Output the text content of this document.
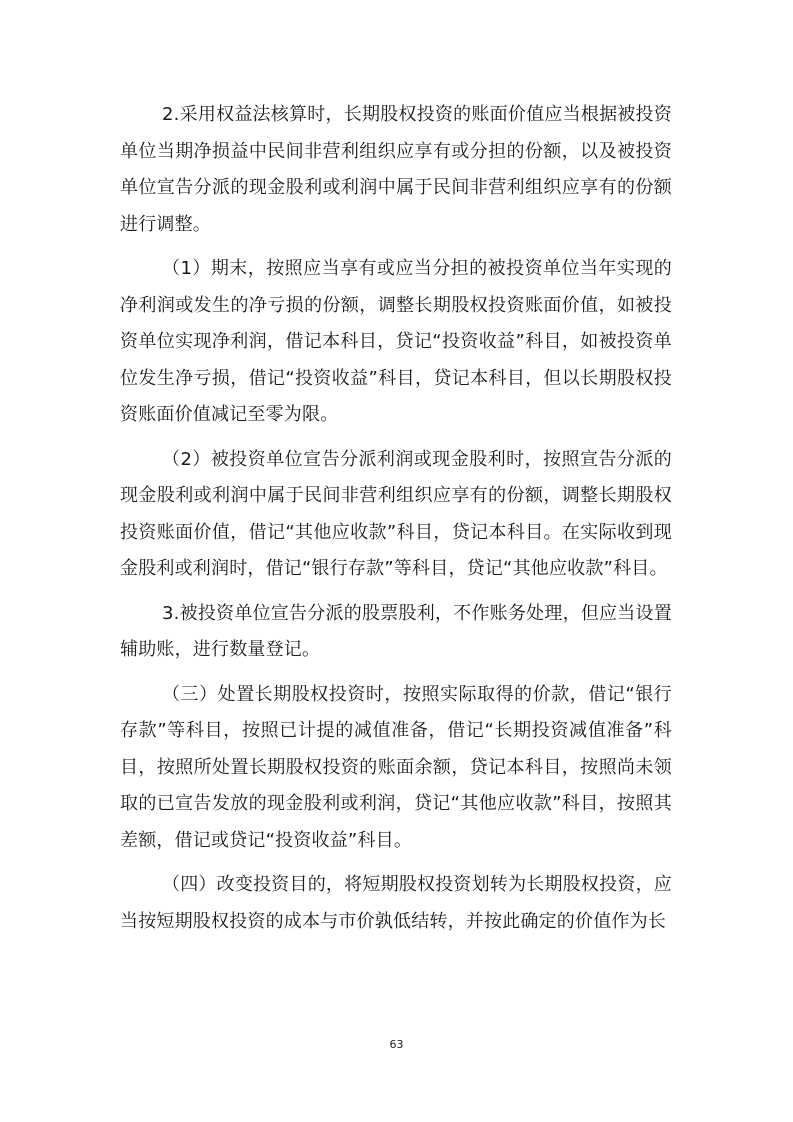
2.采用权益法核算时，长期股权投资的账面价值应当根据被投资单位当期净损益中民间非营利组织应享有或分担的份额，以及被投资单位宣告分派的现金股利或利润中属于民间非营利组织应享有的份额进行调整。

（1）期末，按照应当享有或应当分担的被投资单位当年实现的净利润或发生的净亏损的份额，调整长期股权投资账面价值，如被投资单位实现净利润，借记本科目，贷记“投资收益”科目，如被投资单位发生净亏损，借记“投资收益”科目，贷记本科目，但以长期股权投资账面价值减记至零为限。

（2）被投资单位宣告分派利润或现金股利时，按照宣告分派的现金股利或利润中属于民间非营利组织应享有的份额，调整长期股权投资账面价值，借记“其他应收款”科目，贷记本科目。在实际收到现金股利或利润时，借记“银行存款”等科目，贷记“其他应收款”科目。

3.被投资单位宣告分派的股票股利，不作账务处理，但应当设置辅助账，进行数量登记。

（三）处置长期股权投资时，按照实际取得的价款，借记“银行存款”等科目，按照已计提的减值准备，借记“长期投资减值准备”科目，按照所处置长期股权投资的账面余额，贷记本科目，按照尚未领取的已宣告发放的现金股利或利润，贷记“其他应收款”科目，按照其差额，借记或贷记“投资收益”科目。

（四）改变投资目的，将短期股权投资划转为长期股权投资，应当按短期股权投资的成本与市价孰低结转，并按此确定的价值作为长

63
